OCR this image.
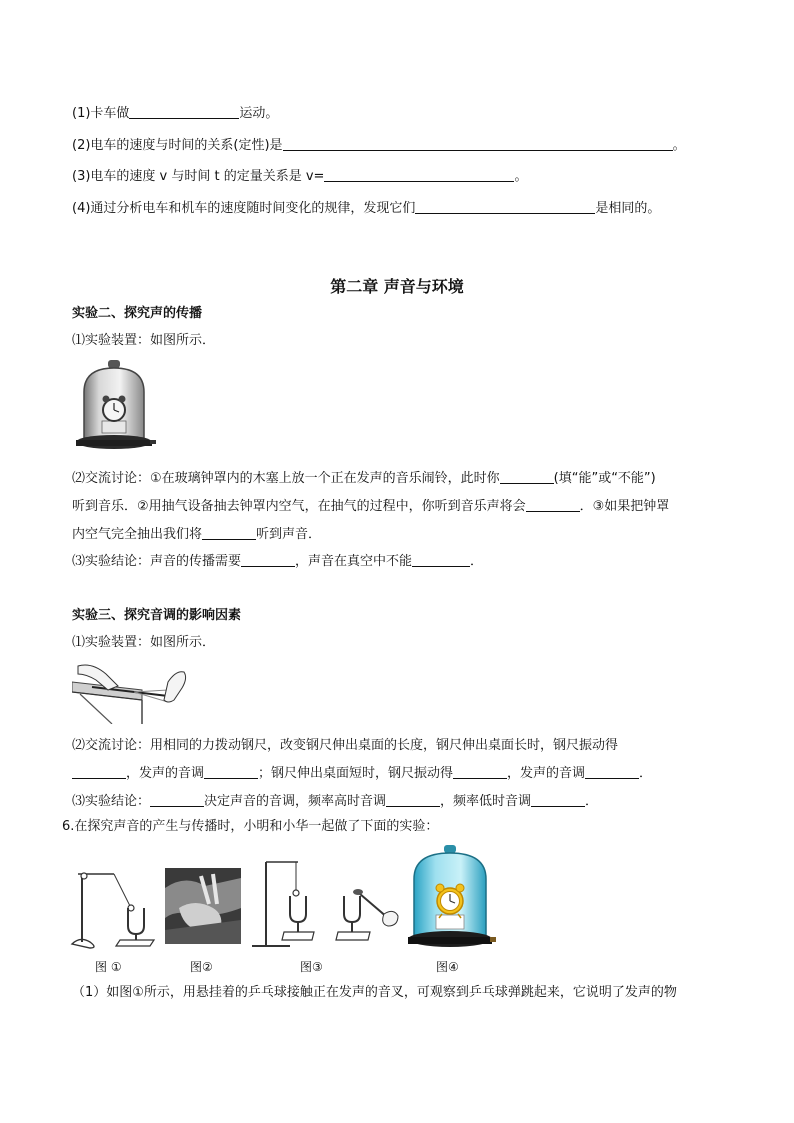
(1)卡车做	运动。
(2)电车的速度与时间的关系(定性)是	。
(3)电车的速度 v 与时间 t 的定量关系是 v=	。
(4)通过分析电车和机车的速度随时间变化的规律，发现它们	是相同的。
第二章 声音与环境
实验二、探究声的传播
⑴实验装置：如图所示．
⑵交流讨论：①在玻璃钟罩内的木塞上放一个正在发声的音乐闹铃，此时你	(填“能”或“不能”)
听到音乐．②用抽气设备抽去钟罩内空气，在抽气的过程中，你听到音乐声将会	．③如果把钟罩
内空气完全抽出我们将	听到声音．
⑶实验结论：声音的传播需要	，声音在真空中不能	．
实验三、探究音调的影响因素
⑴实验装置：如图所示．
⑵交流讨论：用相同的力拨动钢尺，改变钢尺伸出桌面的长度，钢尺伸出桌面长时，钢尺振动得
，发声的音调	；钢尺伸出桌面短时，钢尺振动得	，发声的音调	．
⑶实验结论：	决定声音的音调，频率高时音调	，频率低时音调	．
6.在探究声音的产生与传播时，小明和小华一起做了下面的实验：
图 ①	图②	图③	图④
（1）如图①所示，用悬挂着的乒乓球接触正在发声的音叉，可观察到乒乓球弹跳起来，它说明了发声的物
